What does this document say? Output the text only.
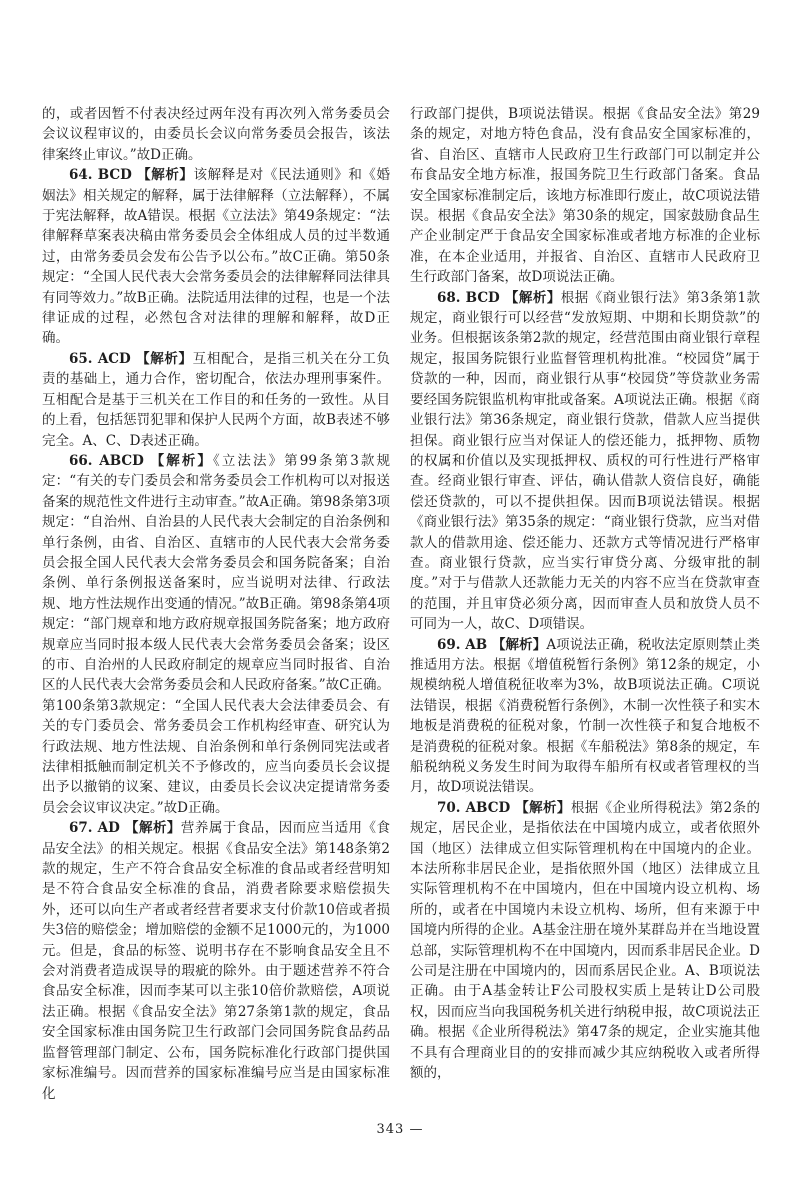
的，或者因暂不付表决经过两年没有再次列入常务委员会会议议程审议的，由委员长会议向常务委员会报告，该法律案终止审议。”故D正确。

64. BCD 【解析】该解释是对《民法通则》和《婚姻法》相关规定的解释，属于法律解释（立法解释），不属于宪法解释，故A错误。根据《立法法》第49条规定：“法律解释草案表决稿由常务委员会全体组成人员的过半数通过，由常务委员会发布公告予以公布。”故C正确。第50条规定：“全国人民代表大会常务委员会的法律解释同法律具有同等效力。”故B正确。法院适用法律的过程，也是一个法律证成的过程，必然包含对法律的理解和解释，故D正确。

65. ACD 【解析】互相配合，是指三机关在分工负责的基础上，通力合作，密切配合，依法办理刑事案件。互相配合是基于三机关在工作目的和任务的一致性。从目的上看，包括惩罚犯罪和保护人民两个方面，故B表述不够完全。A、C、D表述正确。

66. ABCD 【解析】《立法法》第99条第3款规定：“有关的专门委员会和常务委员会工作机构可以对报送备案的规范性文件进行主动审查。”故A正确。第98条第3项规定：“自治州、自治县的人民代表大会制定的自治条例和单行条例，由省、自治区、直辖市的人民代表大会常务委员会报全国人民代表大会常务委员会和国务院备案；自治条例、单行条例报送备案时，应当说明对法律、行政法规、地方性法规作出变通的情况。”故B正确。第98条第4项规定：“部门规章和地方政府规章报国务院备案；地方政府规章应当同时报本级人民代表大会常务委员会备案；设区的市、自治州的人民政府制定的规章应当同时报省、自治区的人民代表大会常务委员会和人民政府备案。”故C正确。第100条第3款规定：“全国人民代表大会法律委员会、有关的专门委员会、常务委员会工作机构经审查、研究认为行政法规、地方性法规、自治条例和单行条例同宪法或者法律相抵触而制定机关不予修改的，应当向委员长会议提出予以撤销的议案、建议，由委员长会议决定提请常务委员会会议审议决定。”故D正确。

67. AD 【解析】营养属于食品，因而应当适用《食品安全法》的相关规定。根据《食品安全法》第148条第2款的规定，生产不符合食品安全标准的食品或者经营明知是不符合食品安全标准的食品，消费者除要求赔偿损失外，还可以向生产者或者经营者要求支付价款10倍或者损失3倍的赔偿金；增加赔偿的金额不足1000元的，为1000元。但是，食品的标签、说明书存在不影响食品安全且不会对消费者造成误导的瑕疵的除外。由于题述营养不符合食品安全标准，因而李某可以主张10倍价款赔偿，A项说法正确。根据《食品安全法》第27条第1款的规定，食品安全国家标准由国务院卫生行政部门会同国务院食品药品监督管理部门制定、公布，国务院标准化行政部门提供国家标准编号。因而营养的国家标准编号应当是由国家标准化

行政部门提供，B项说法错误。根据《食品安全法》第29条的规定，对地方特色食品，没有食品安全国家标准的，省、自治区、直辖市人民政府卫生行政部门可以制定并公布食品安全地方标准，报国务院卫生行政部门备案。食品安全国家标准制定后，该地方标准即行废止，故C项说法错误。根据《食品安全法》第30条的规定，国家鼓励食品生产企业制定严于食品安全国家标准或者地方标准的企业标准，在本企业适用，并报省、自治区、直辖市人民政府卫生行政部门备案，故D项说法正确。

68. BCD 【解析】根据《商业银行法》第3条第1款规定，商业银行可以经营“发放短期、中期和长期贷款”的业务。但根据该条第2款的规定，经营范围由商业银行章程规定，报国务院银行业监督管理机构批准。“校园贷”属于贷款的一种，因而，商业银行从事“校园贷”等贷款业务需要经国务院银监机构审批或备案。A项说法正确。根据《商业银行法》第36条规定，商业银行贷款，借款人应当提供担保。商业银行应当对保证人的偿还能力，抵押物、质物的权属和价值以及实现抵押权、质权的可行性进行严格审查。经商业银行审查、评估，确认借款人资信良好，确能偿还贷款的，可以不提供担保。因而B项说法错误。根据《商业银行法》第35条的规定：“商业银行贷款，应当对借款人的借款用途、偿还能力、还款方式等情况进行严格审查。商业银行贷款，应当实行审贷分离、分级审批的制度。”对于与借款人还款能力无关的内容不应当在贷款审查的范围，并且审贷必须分离，因而审查人员和放贷人员不可同为一人，故C、D项错误。

69. AB 【解析】A项说法正确，税收法定原则禁止类推适用方法。根据《增值税暂行条例》第12条的规定，小规模纳税人增值税征收率为3%，故B项说法正确。C项说法错误，根据《消费税暂行条例》，木制一次性筷子和实木地板是消费税的征税对象，竹制一次性筷子和复合地板不是消费税的征税对象。根据《车船税法》第8条的规定，车船税纳税义务发生时间为取得车船所有权或者管理权的当月，故D项说法错误。

70. ABCD 【解析】根据《企业所得税法》第2条的规定，居民企业，是指依法在中国境内成立，或者依照外国（地区）法律成立但实际管理机构在中国境内的企业。本法所称非居民企业，是指依照外国（地区）法律成立且实际管理机构不在中国境内，但在中国境内设立机构、场所的，或者在中国境内未设立机构、场所，但有来源于中国境内所得的企业。A基金注册在境外某群岛并在当地设置总部，实际管理机构不在中国境内，因而系非居民企业。D公司是注册在中国境内的，因而系居民企业。A、B项说法正确。由于A基金转让F公司股权实质上是转让D公司股权，因而应当向我国税务机关进行纳税申报，故C项说法正确。根据《企业所得税法》第47条的规定，企业实施其他不具有合理商业目的的安排而减少其应纳税收入或者所得额的，

343 —
